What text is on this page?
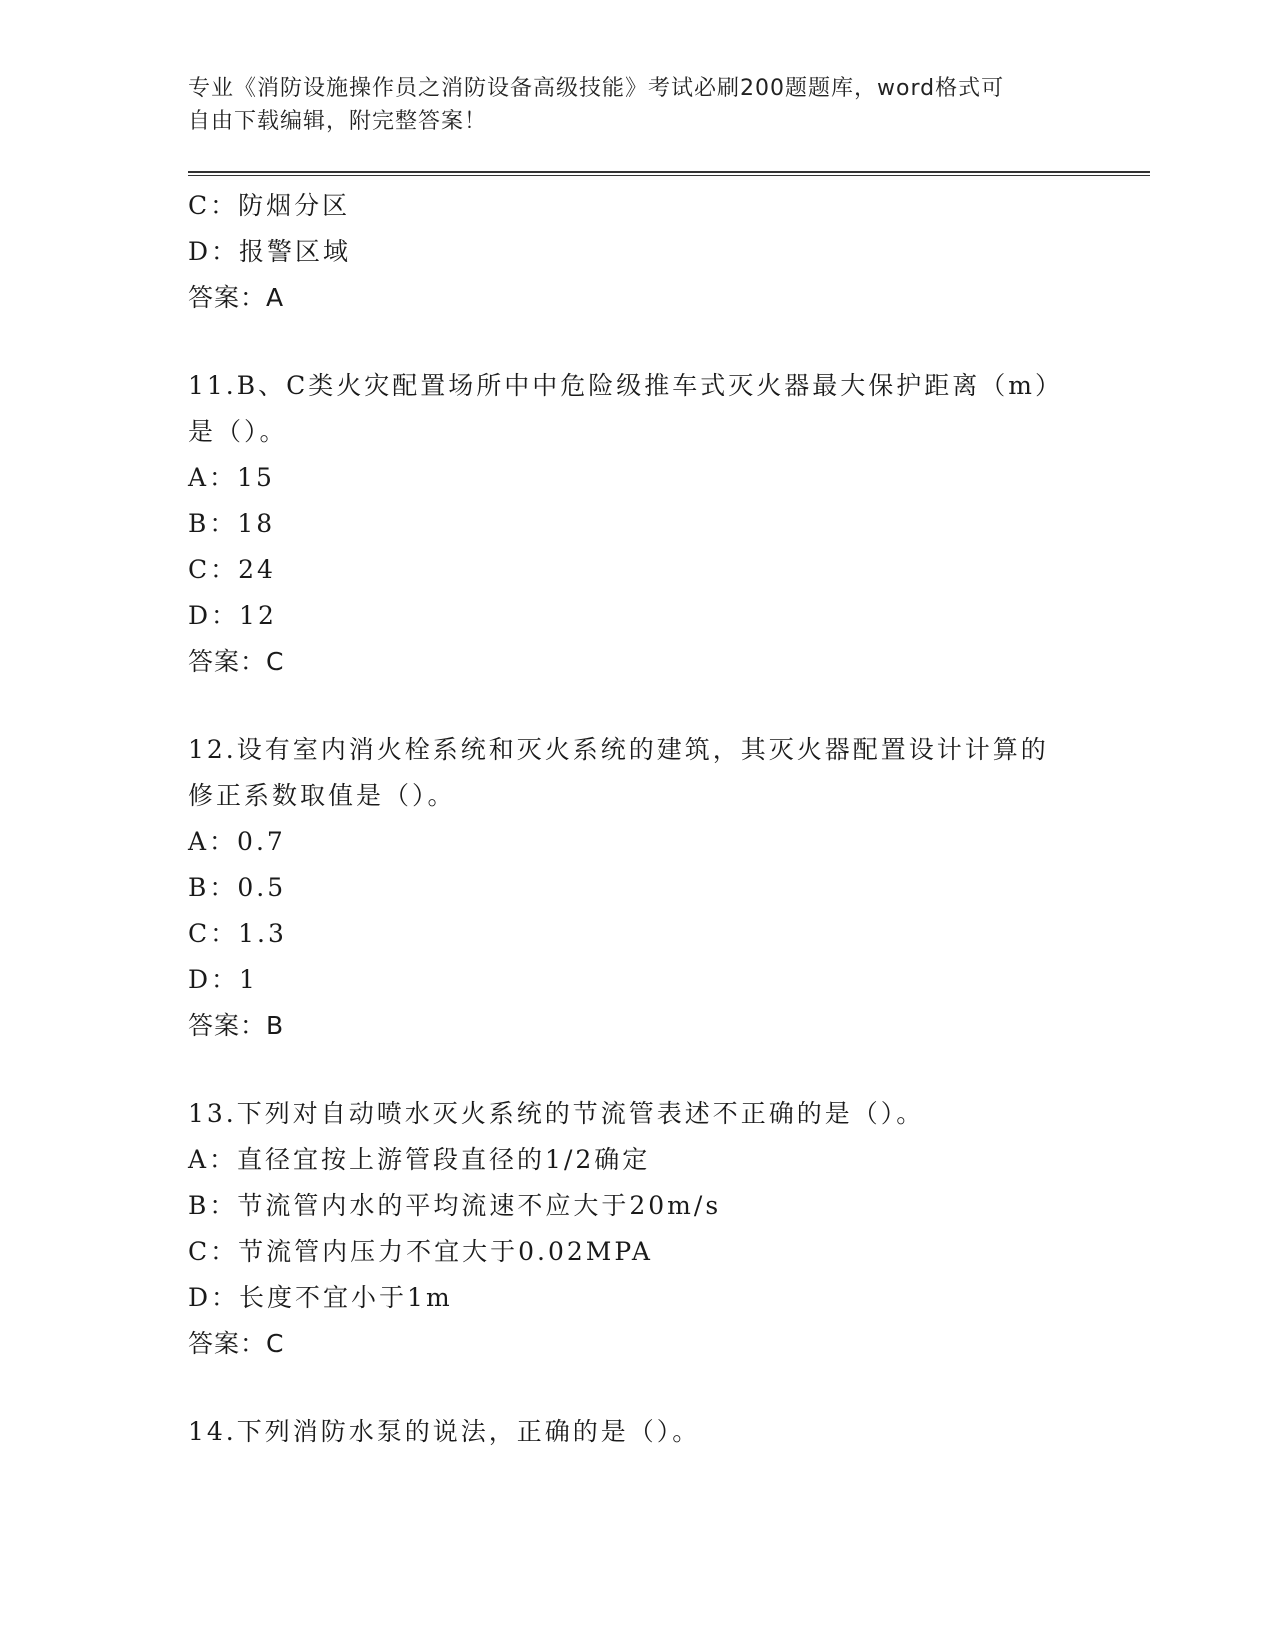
专业《消防设施操作员之消防设备高级技能》考试必刷200题题库，word格式可
自由下载编辑，附完整答案！
C：防烟分区
D：报警区域
答案：A
11.B、C类火灾配置场所中中危险级推车式灭火器最大保护距离（m）
是（）。
A：15
B：18
C：24
D：12
答案：C
12.设有室内消火栓系统和灭火系统的建筑，其灭火器配置设计计算的
修正系数取值是（）。
A：0.7
B：0.5
C：1.3
D：1
答案：B
13.下列对自动喷水灭火系统的节流管表述不正确的是（）。
A：直径宜按上游管段直径的1/2确定
B：节流管内水的平均流速不应大于20m/s
C：节流管内压力不宜大于0.02MPA
D：长度不宜小于1m
答案：C
14.下列消防水泵的说法，正确的是（）。
